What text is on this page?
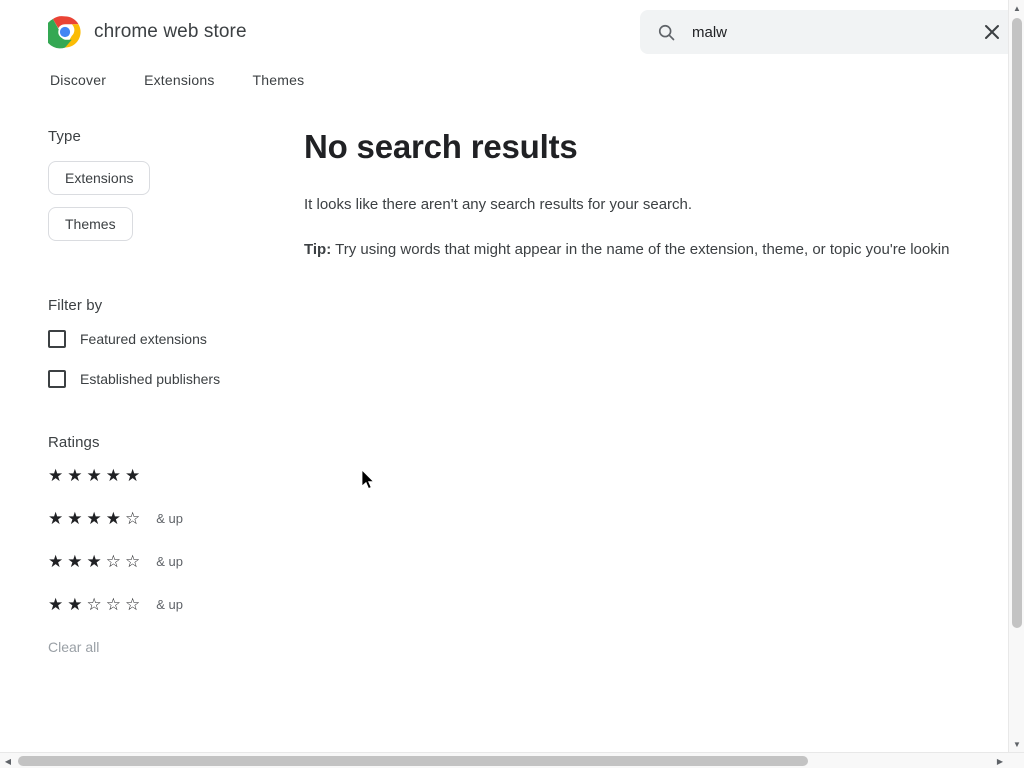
chrome web store
malw
Discover	Extensions	Themes
Type
Extensions
Themes
Filter by
Featured extensions
Established publishers
Ratings
★ ★ ★ ★ ★
★ ★ ★ ★ ☆ & up
★ ★ ★ ☆ ☆ & up
★ ★ ☆ ☆ ☆ & up
Clear all
No search results
It looks like there aren't any search results for your search.
Tip: Try using words that might appear in the name of the extension, theme, or topic you're lookin
▲
▼
◀	▶
